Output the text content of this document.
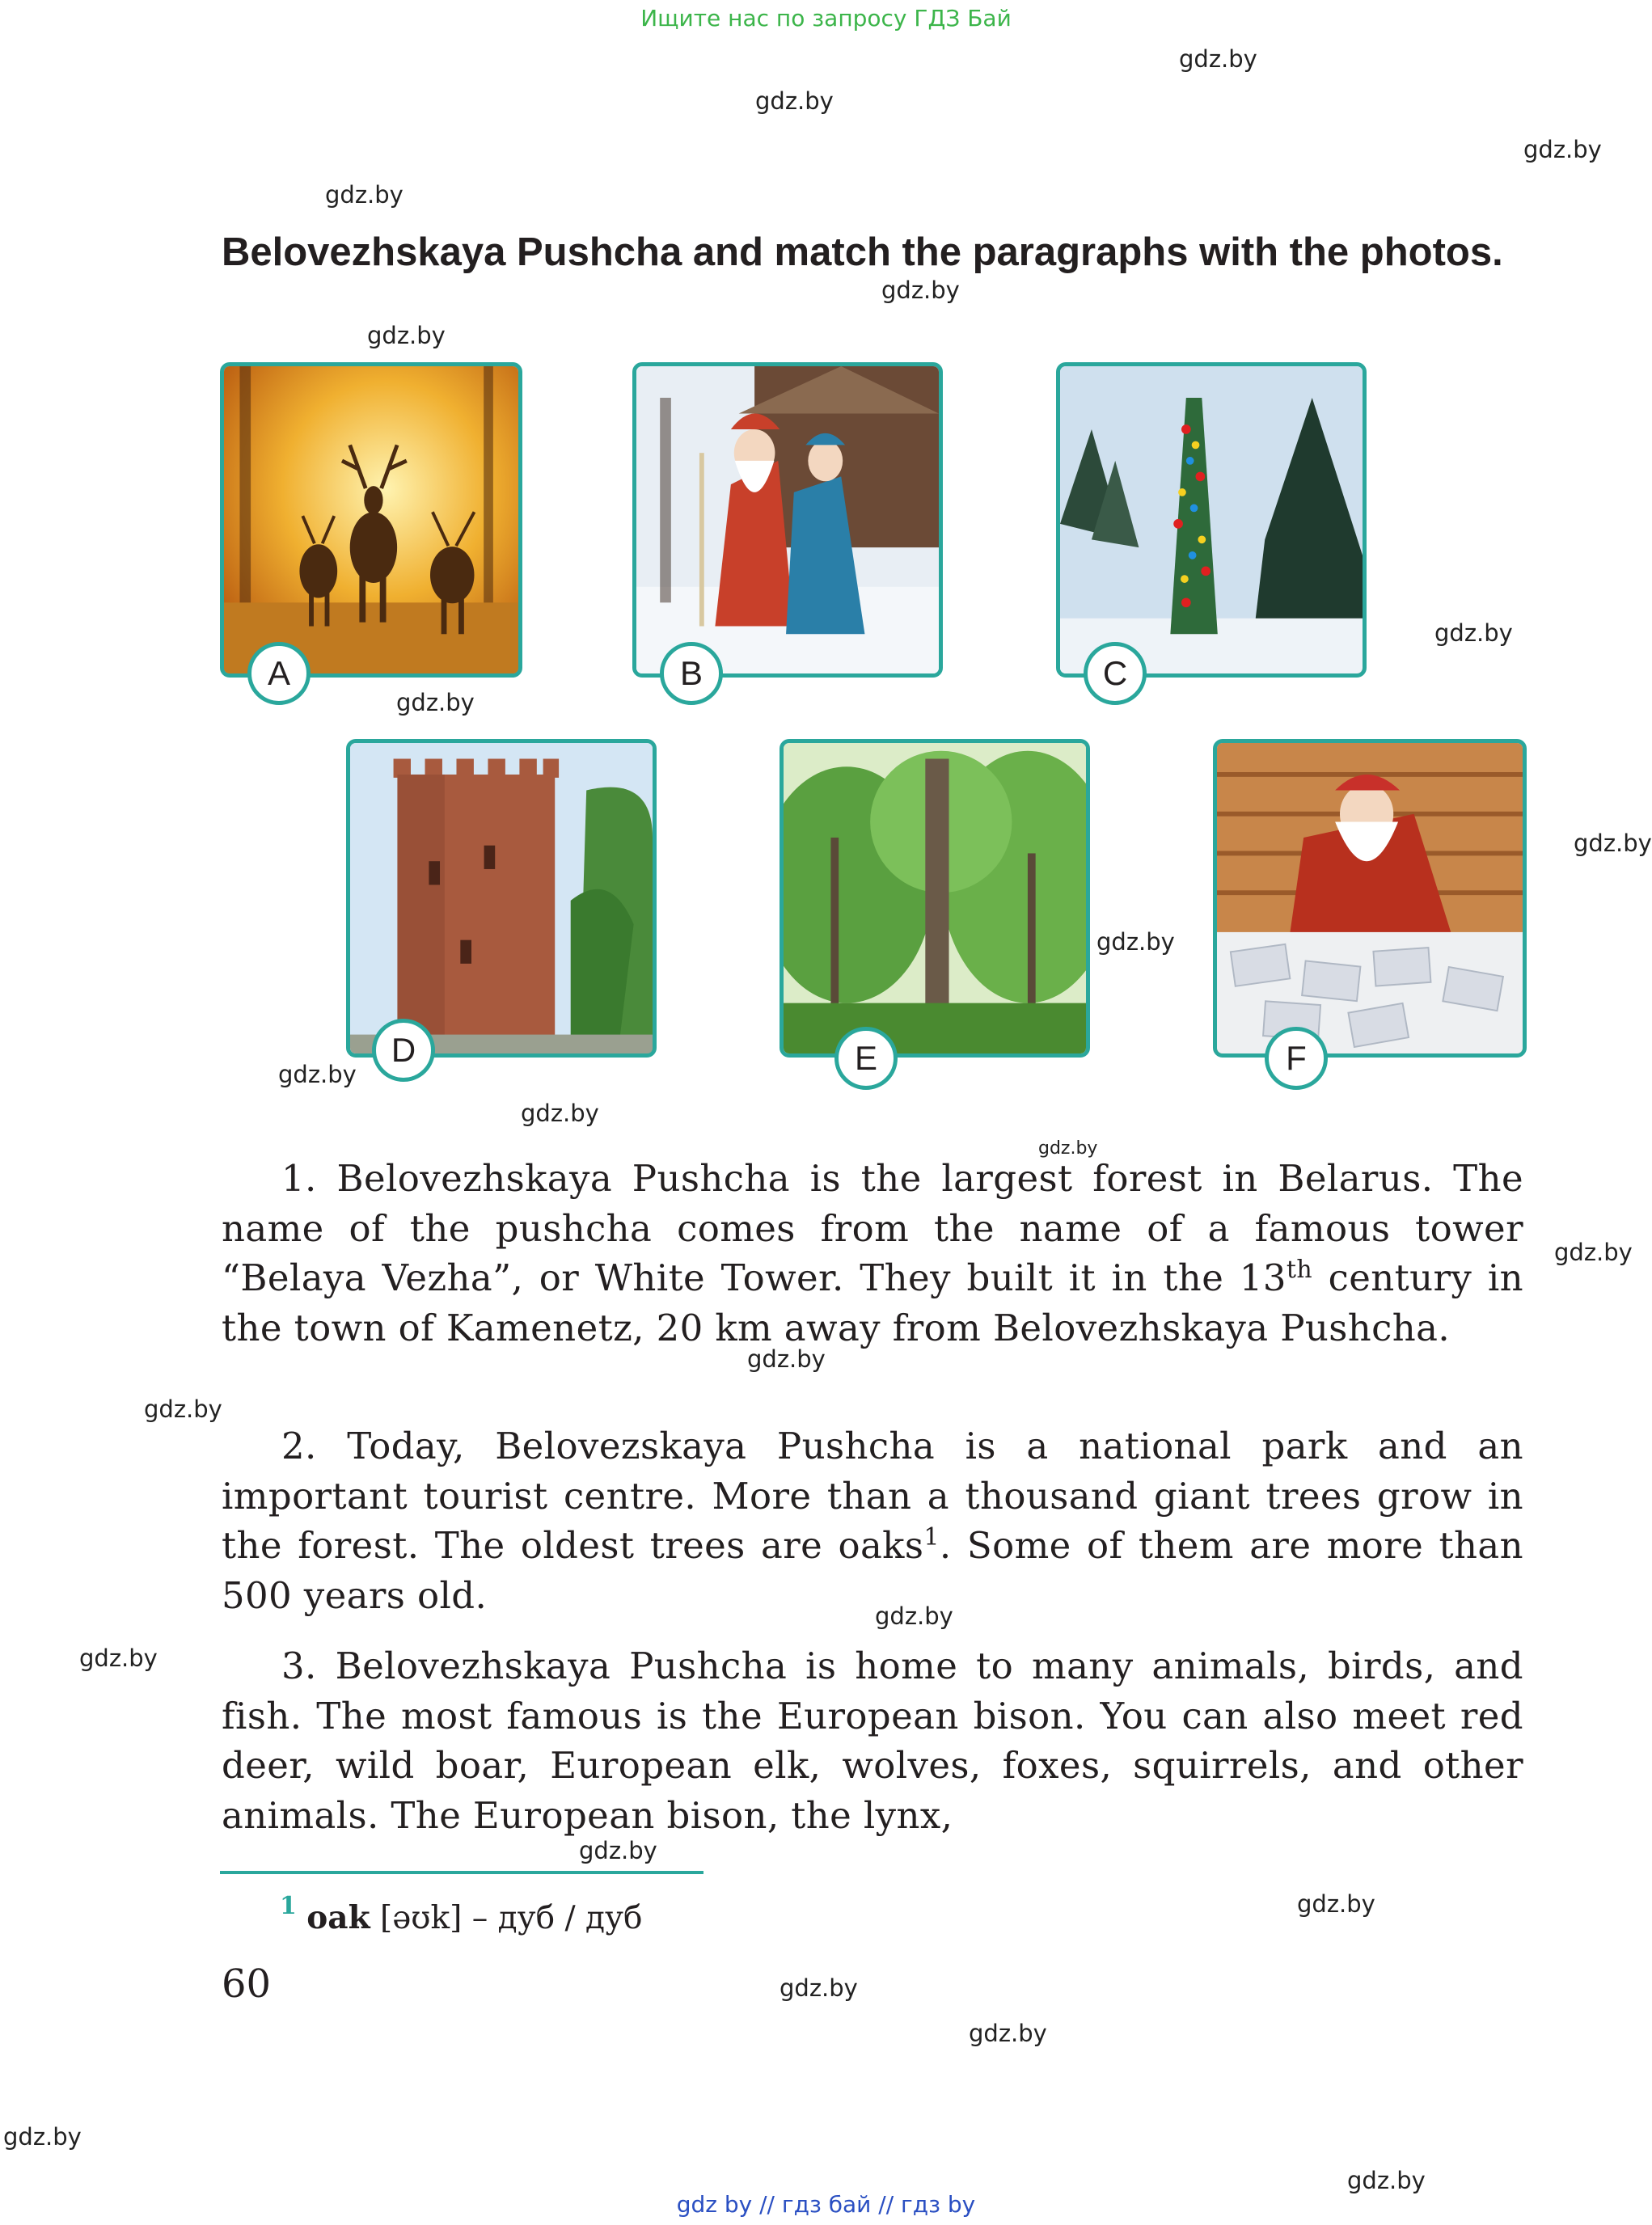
Ищите нас по запросу ГДЗ Бай
gdz.by
gdz.by
gdz.by
gdz.by
gdz.by
gdz.by
gdz.by
gdz.by
gdz.by
gdz.by
gdz.by
gdz.by
gdz.by
gdz.by
gdz.by
gdz.by
gdz.by
gdz.by
gdz.by
gdz.by
gdz.by
gdz.by
gdz.by
gdz.by
Belovezhskaya Pushcha and match the paragraphs with the photos.
A	B	C
D	E	F
1. Belovezhskaya Pushcha is the largest forest in Belarus. The name of the pushcha comes from the name of a famous tower “Belaya Vezha”, or White Tower. They built it in the 13th century in the town of Kamenetz, 20 km away from Belovezhskaya Pushcha.
2. Today, Belovezskaya Pushcha is a national park and an important tourist centre. More than a thousand giant trees grow in the forest. The oldest trees are oaks$^1$. Some of them are more than 500 years old.
3. Belovezhskaya Pushcha is home to many animals, birds, and fish. The most famous is the European bison. You can also meet red deer, wild boar, European elk, wolves, foxes, squirrels, and other animals. The European bison, the lynx,
$^1$ oak [əʊk] – дуб / дуб
60
gdz by // гдз бай // гдз by
